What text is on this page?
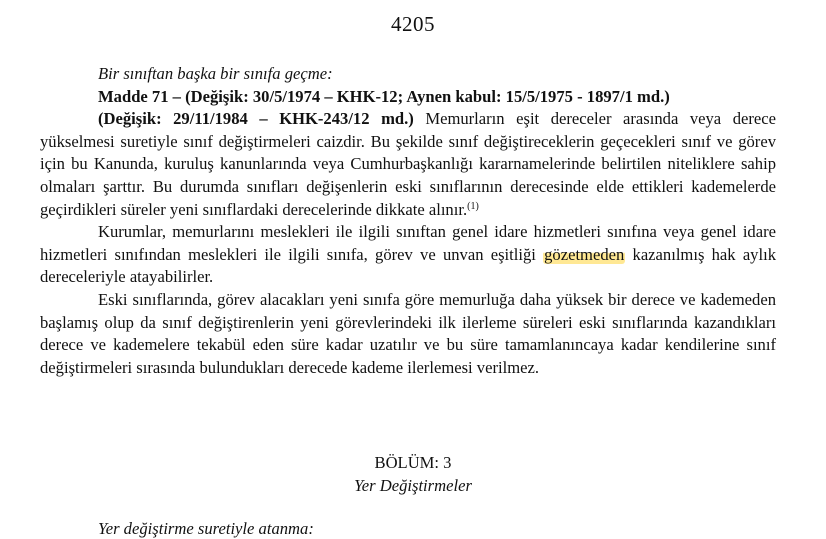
4205
Bir sınıftan başka bir sınıfa geçme:
Madde 71 – (Değişik: 30/5/1974 – KHK-12; Aynen kabul: 15/5/1975 - 1897/1 md.)

(Değişik: 29/11/1984 – KHK-243/12 md.) Memurların eşit dereceler arasında veya derece yükselmesi suretiyle sınıf değiştirmeleri caizdir. Bu şekilde sınıf değiştireceklerin geçecekleri sınıf ve görev için bu Kanunda, kuruluş kanunlarında veya Cumhurbaşkanlığı kararnamelerinde belirtilen niteliklere sahip olmaları şarttır. Bu durumda sınıfları değişenlerin eski sınıflarının derecesinde elde ettikleri kademelerde geçirdikleri süreler yeni sınıflardaki derecelerinde dikkate alınır.$^{(1)}$

Kurumlar, memurlarını meslekleri ile ilgili sınıftan genel idare hizmetleri sınıfına veya genel idare hizmetleri sınıfından meslekleri ile ilgili sınıfa, görev ve unvan eşitliği gözetmeden kazanılmış hak aylık dereceleriyle atayabilirler.

Eski sınıflarında, görev alacakları yeni sınıfa göre memurluğa daha yüksek bir derece ve kademeden başlamış olup da sınıf değiştirenlerin yeni görevlerindeki ilk ilerleme süreleri eski sınıflarında kazandıkları derece ve kademelere tekabül eden süre kadar uzatılır ve bu süre tamamlanıncaya kadar kendilerine sınıf değiştirmeleri sırasında bulundukları derecede kademe ilerlemesi verilmez.

BÖLÜM: 3
Yer Değiştirmeler
Yer değiştirme suretiyle atanma:
